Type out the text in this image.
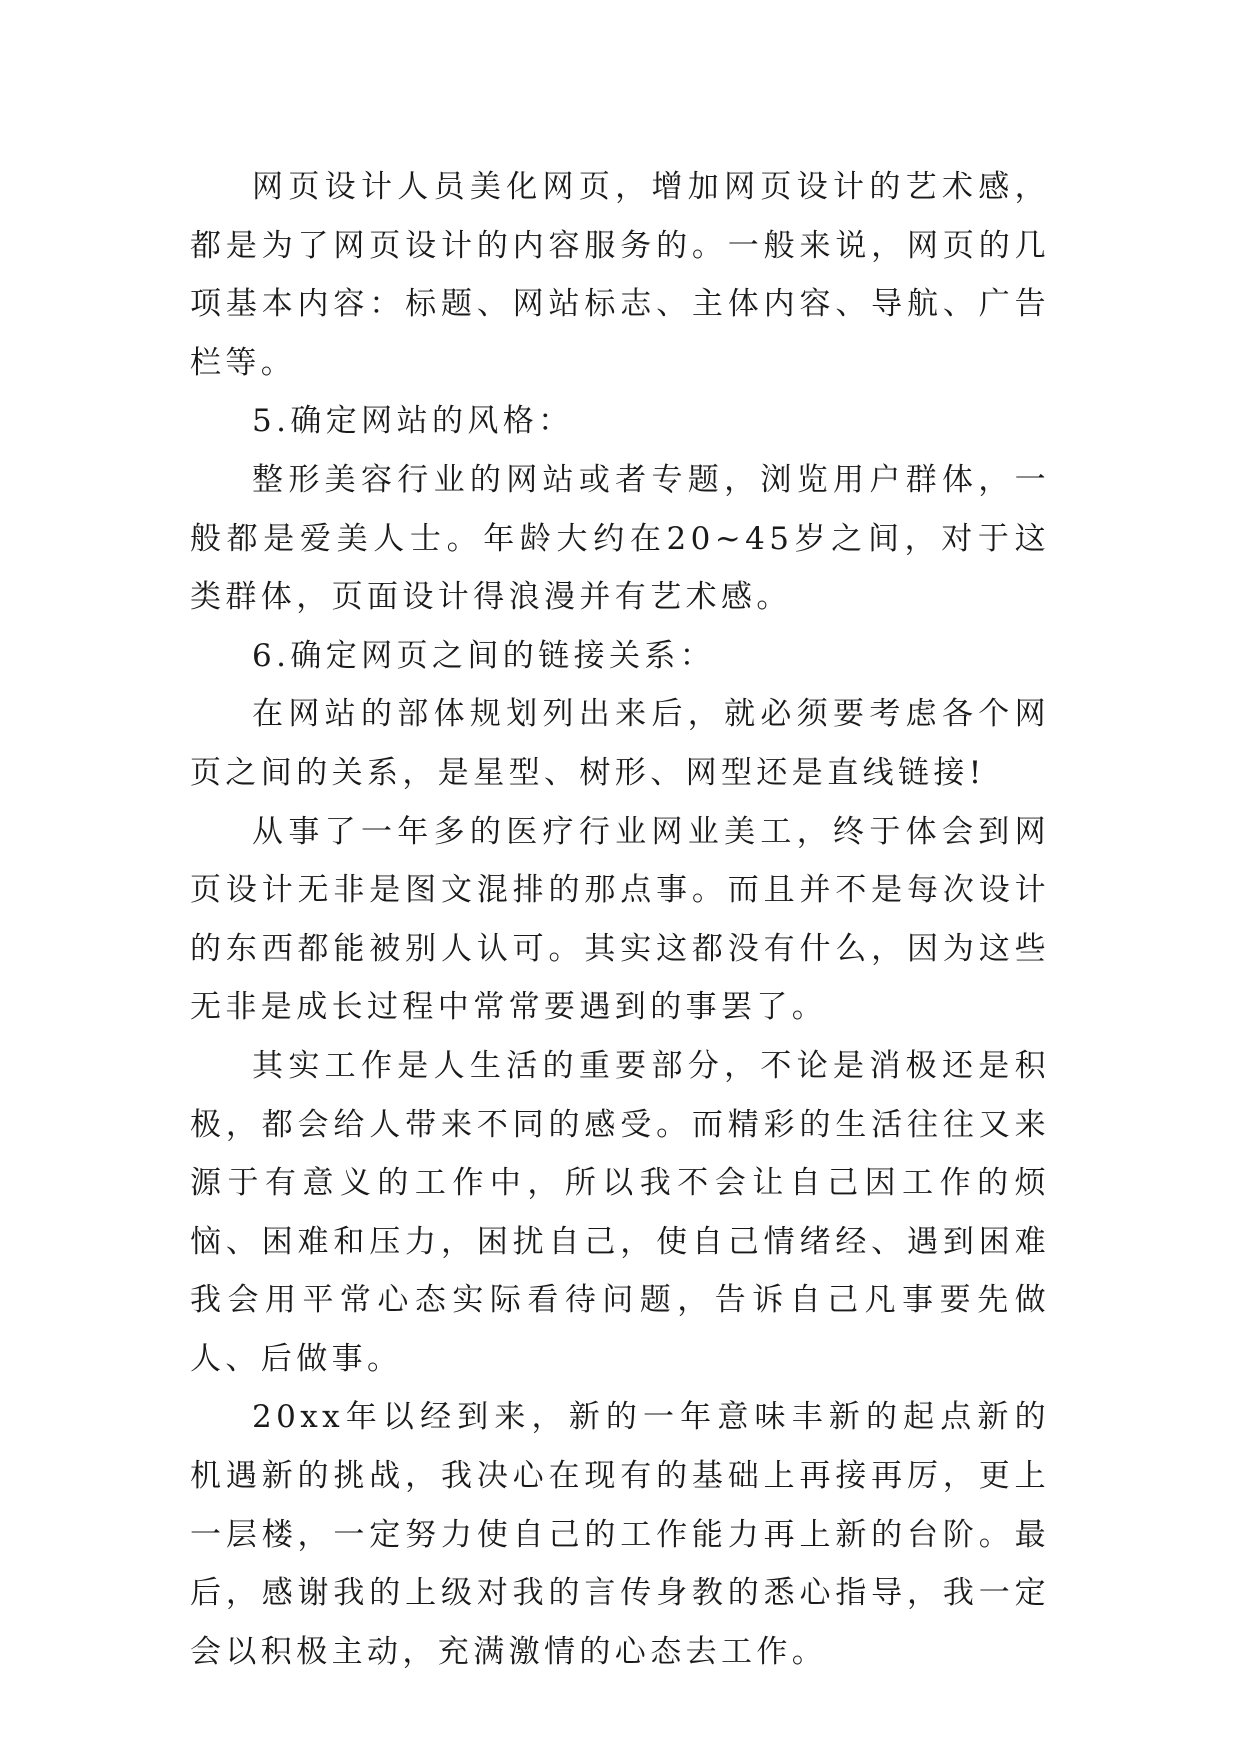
网页设计人员美化网页，增加网页设计的艺术感，都是为了网页设计的内容服务的。一般来说，网页的几项基本内容：标题、网站标志、主体内容、导航、广告栏等。

5.确定网站的风格：

整形美容行业的网站或者专题，浏览用户群体，一般都是爱美人士。年龄大约在20~45岁之间，对于这类群体，页面设计得浪漫并有艺术感。

6.确定网页之间的链接关系：

在网站的部体规划列出来后，就必须要考虑各个网页之间的关系，是星型、树形、网型还是直线链接!

从事了一年多的医疗行业网业美工，终于体会到网页设计无非是图文混排的那点事。而且并不是每次设计的东西都能被别人认可。其实这都没有什么，因为这些无非是成长过程中常常要遇到的事罢了。

其实工作是人生活的重要部分，不论是消极还是积极，都会给人带来不同的感受。而精彩的生活往往又来源于有意义的工作中，所以我不会让自己因工作的烦恼、困难和压力，困扰自己，使自己情绪经、遇到困难我会用平常心态实际看待问题，告诉自己凡事要先做人、后做事。

20xx年以经到来，新的一年意味丰新的起点新的机遇新的挑战，我决心在现有的基础上再接再厉，更上一层楼，一定努力使自己的工作能力再上新的台阶。最后，感谢我的上级对我的言传身教的悉心指导，我一定会以积极主动，充满激情的心态去工作。
